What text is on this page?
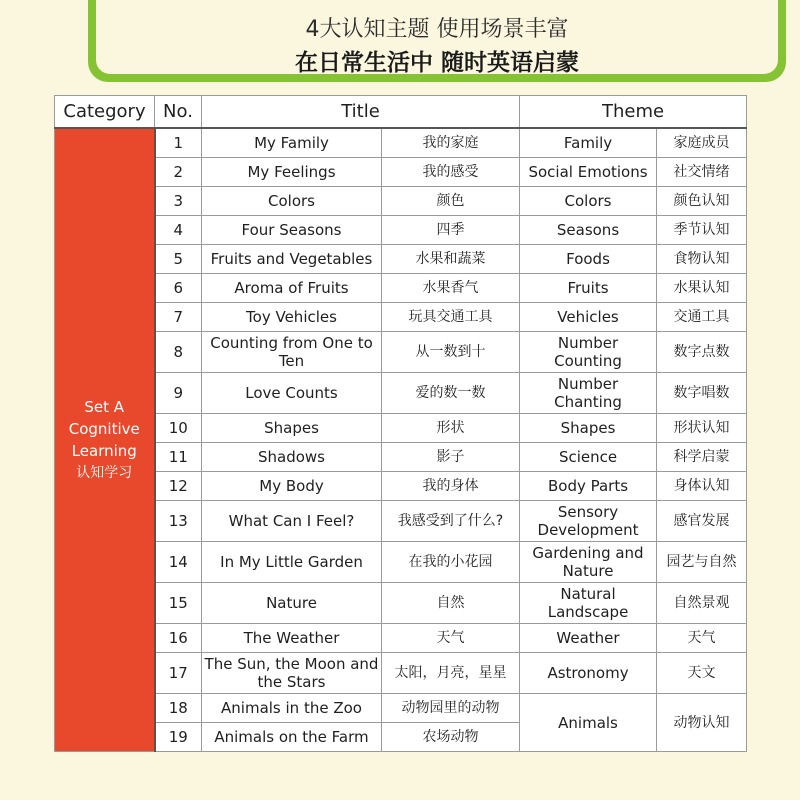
4大认知主题 使用场景丰富
在日常生活中 随时英语启蒙
Category	No.	Title		Theme	

Set A
Cognitive
Learning
认知学习	1	My Family	我的家庭	Family	家庭成员
	2	My Feelings	我的感受	Social Emotions	社交情绪
	3	Colors	颜色	Colors	颜色认知
	4	Four Seasons	四季	Seasons	季节认知
	5	Fruits and Vegetables	水果和蔬菜	Foods	食物认知
	6	Aroma of Fruits	水果香气	Fruits	水果认知
	7	Toy Vehicles	玩具交通工具	Vehicles	交通工具
	8	Counting from One to Ten	从一数到十	Number Counting	数字点数
	9	Love Counts	爱的数一数	Number Chanting	数字唱数
	10	Shapes	形状	Shapes	形状认知
	11	Shadows	影子	Science	科学启蒙
	12	My Body	我的身体	Body Parts	身体认知
	13	What Can I Feel?	我感受到了什么?	Sensory Development	感官发展
	14	In My Little Garden	在我的小花园	Gardening and Nature	园艺与自然
	15	Nature	自然	Natural Landscape	自然景观
	16	The Weather	天气	Weather	天气
	17	The Sun, the Moon and the Stars	太阳，月亮，星星	Astronomy	天文
	18	Animals in the Zoo	动物园里的动物	Animals	动物认知
	19	Animals on the Farm	农场动物		
